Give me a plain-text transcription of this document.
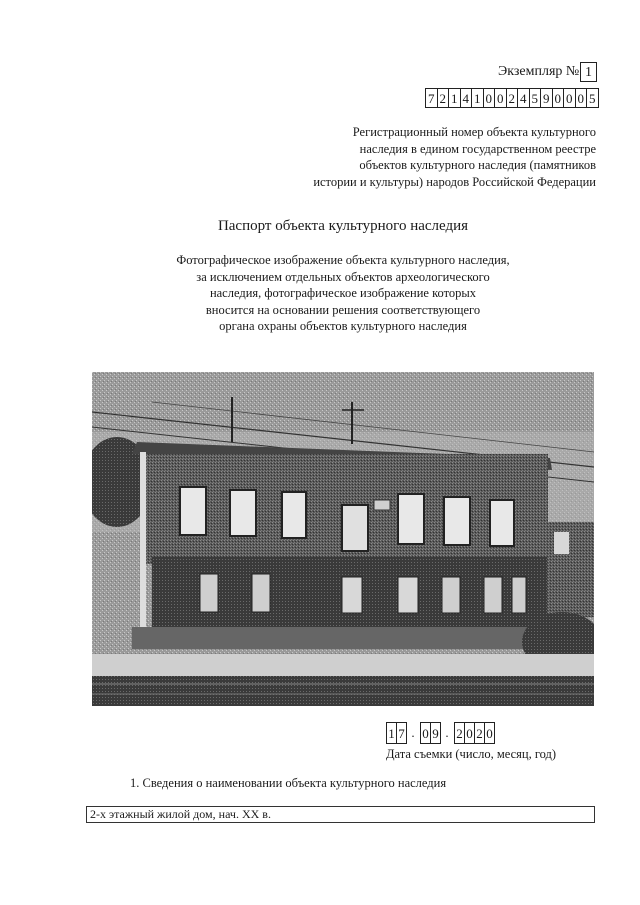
Экземпляр № 1
7 2 1 4 1 0 0 2 4 5 9 0 0 0 5
Регистрационный номер объекта культурного
наследия в едином государственном реестре
объектов культурного наследия (памятников
истории и культуры) народов Российской Федерации
Паспорт объекта культурного наследия
Фотографическое изображение объекта культурного наследия,
за исключением отдельных объектов археологического
наследия, фотографическое изображение которых
вносится на основании решения соответствующего
органа охраны объектов культурного наследия
1 7 . 0 9 . 2 0 2 0
Дата съемки (число, месяц, год)
1. Сведения о наименовании объекта культурного наследия
2-х этажный жилой дом, нач. XX в.
